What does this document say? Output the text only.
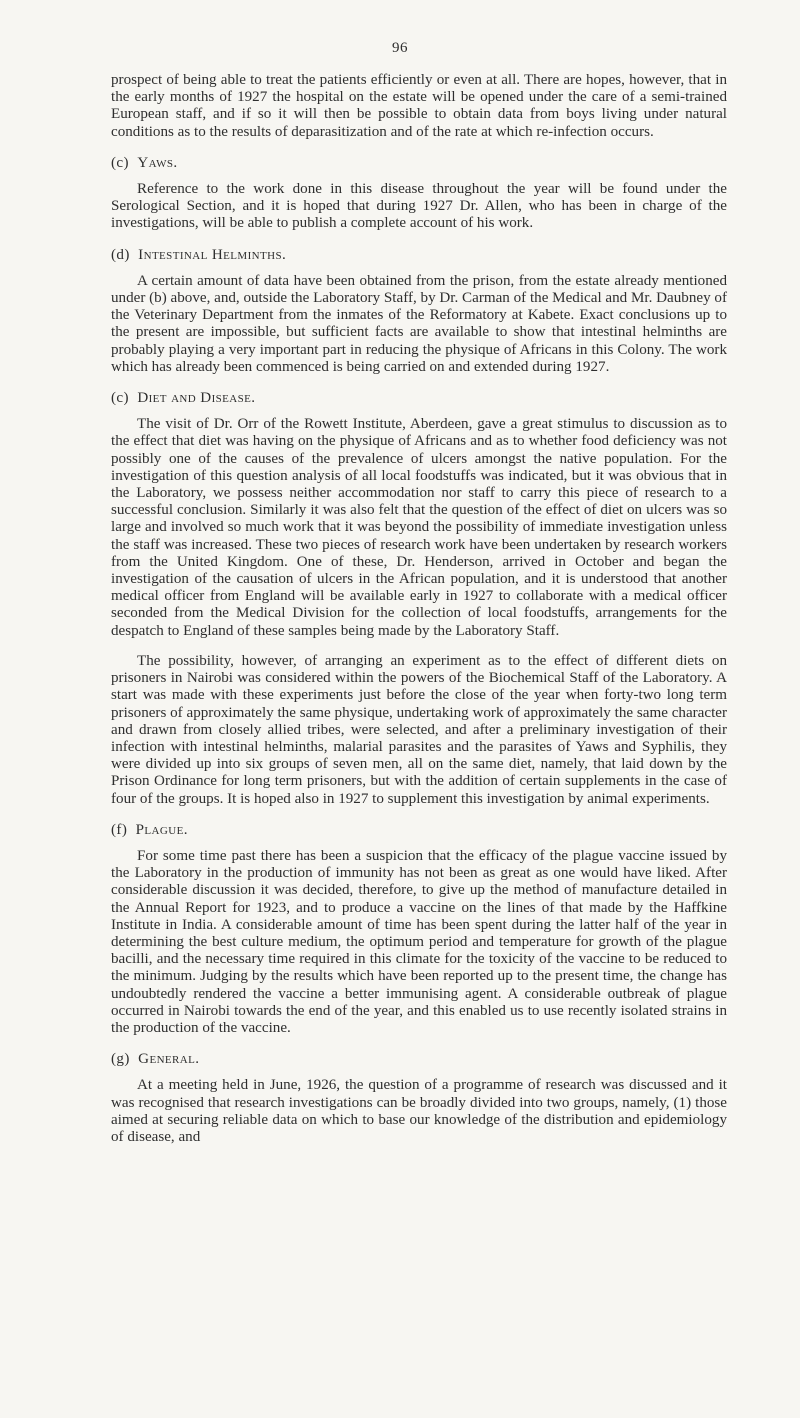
96

prospect of being able to treat the patients efficiently or even at all. There are hopes, however, that in the early months of 1927 the hospital on the estate will be opened under the care of a semi-trained European staff, and if so it will then be possible to obtain data from boys living under natural conditions as to the results of deparasitization and of the rate at which re-infection occurs.

(c) Yaws.

Reference to the work done in this disease throughout the year will be found under the Serological Section, and it is hoped that during 1927 Dr. Allen, who has been in charge of the investigations, will be able to publish a complete account of his work.

(d) Intestinal Helminths.

A certain amount of data have been obtained from the prison, from the estate already mentioned under (b) above, and, outside the Laboratory Staff, by Dr. Carman of the Medical and Mr. Daubney of the Veterinary Department from the inmates of the Reformatory at Kabete. Exact conclusions up to the present are impossible, but sufficient facts are available to show that intestinal helminths are probably playing a very important part in reducing the physique of Africans in this Colony. The work which has already been commenced is being carried on and extended during 1927.

(c) Diet and Disease.

The visit of Dr. Orr of the Rowett Institute, Aberdeen, gave a great stimulus to discussion as to the effect that diet was having on the physique of Africans and as to whether food deficiency was not possibly one of the causes of the prevalence of ulcers amongst the native population. For the investigation of this question analysis of all local foodstuffs was indicated, but it was obvious that in the Laboratory, we possess neither accommodation nor staff to carry this piece of research to a successful conclusion. Similarly it was also felt that the question of the effect of diet on ulcers was so large and involved so much work that it was beyond the possibility of immediate investigation unless the staff was increased. These two pieces of research work have been undertaken by research workers from the United Kingdom. One of these, Dr. Henderson, arrived in October and began the investigation of the causation of ulcers in the African population, and it is understood that another medical officer from England will be available early in 1927 to collaborate with a medical officer seconded from the Medical Division for the collection of local foodstuffs, arrangements for the despatch to England of these samples being made by the Laboratory Staff.

The possibility, however, of arranging an experiment as to the effect of different diets on prisoners in Nairobi was considered within the powers of the Biochemical Staff of the Laboratory. A start was made with these experiments just before the close of the year when forty-two long term prisoners of approximately the same physique, undertaking work of approximately the same character and drawn from closely allied tribes, were selected, and after a preliminary investigation of their infection with intestinal helminths, malarial parasites and the parasites of Yaws and Syphilis, they were divided up into six groups of seven men, all on the same diet, namely, that laid down by the Prison Ordinance for long term prisoners, but with the addition of certain supplements in the case of four of the groups. It is hoped also in 1927 to supplement this investigation by animal experiments.

(f) Plague.

For some time past there has been a suspicion that the efficacy of the plague vaccine issued by the Laboratory in the production of immunity has not been as great as one would have liked. After considerable discussion it was decided, therefore, to give up the method of manufacture detailed in the Annual Report for 1923, and to produce a vaccine on the lines of that made by the Haffkine Institute in India. A considerable amount of time has been spent during the latter half of the year in determining the best culture medium, the optimum period and temperature for growth of the plague bacilli, and the necessary time required in this climate for the toxicity of the vaccine to be reduced to the minimum. Judging by the results which have been reported up to the present time, the change has undoubtedly rendered the vaccine a better immunising agent. A considerable outbreak of plague occurred in Nairobi towards the end of the year, and this enabled us to use recently isolated strains in the production of the vaccine.

(g) General.

At a meeting held in June, 1926, the question of a programme of research was discussed and it was recognised that research investigations can be broadly divided into two groups, namely, (1) those aimed at securing reliable data on which to base our knowledge of the distribution and epidemiology of disease, and
